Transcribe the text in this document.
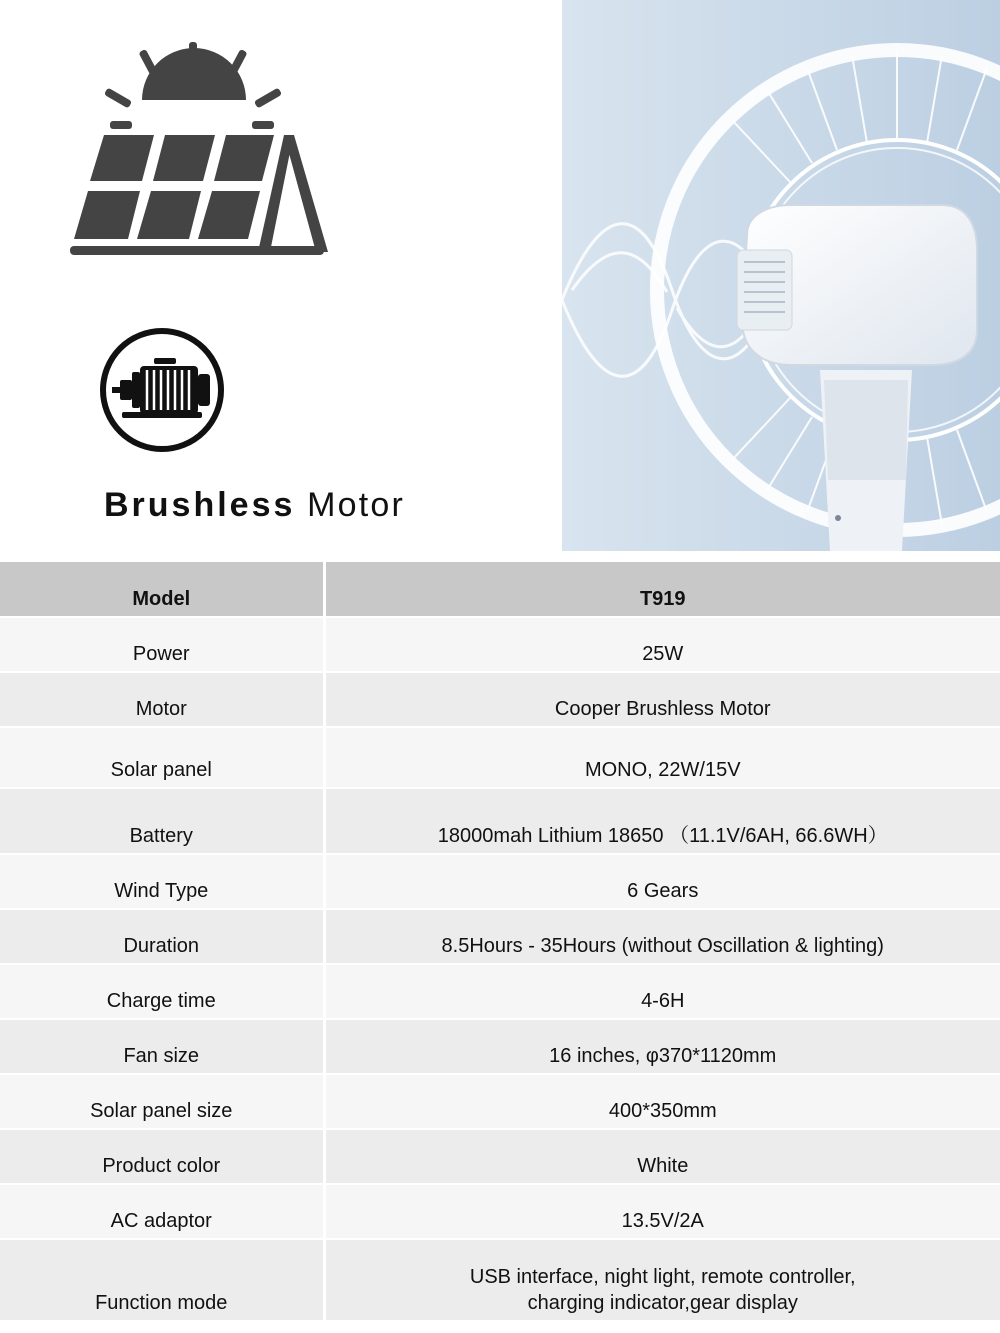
Brushless Motor
Model	T919
Power	25W
Motor	Cooper Brushless Motor
Solar panel	MONO, 22W/15V
Battery	18000mah Lithium 18650 （11.1V/6AH, 66.6WH）
Wind Type	6 Gears
Duration	8.5Hours - 35Hours (without Oscillation & lighting)
Charge time	4-6H
Fan size	16 inches, φ370*1120mm
Solar panel size	400*350mm
Product color	White
AC adaptor	13.5V/2A
Function mode	USB interface, night light, remote controller,
charging indicator,gear display
